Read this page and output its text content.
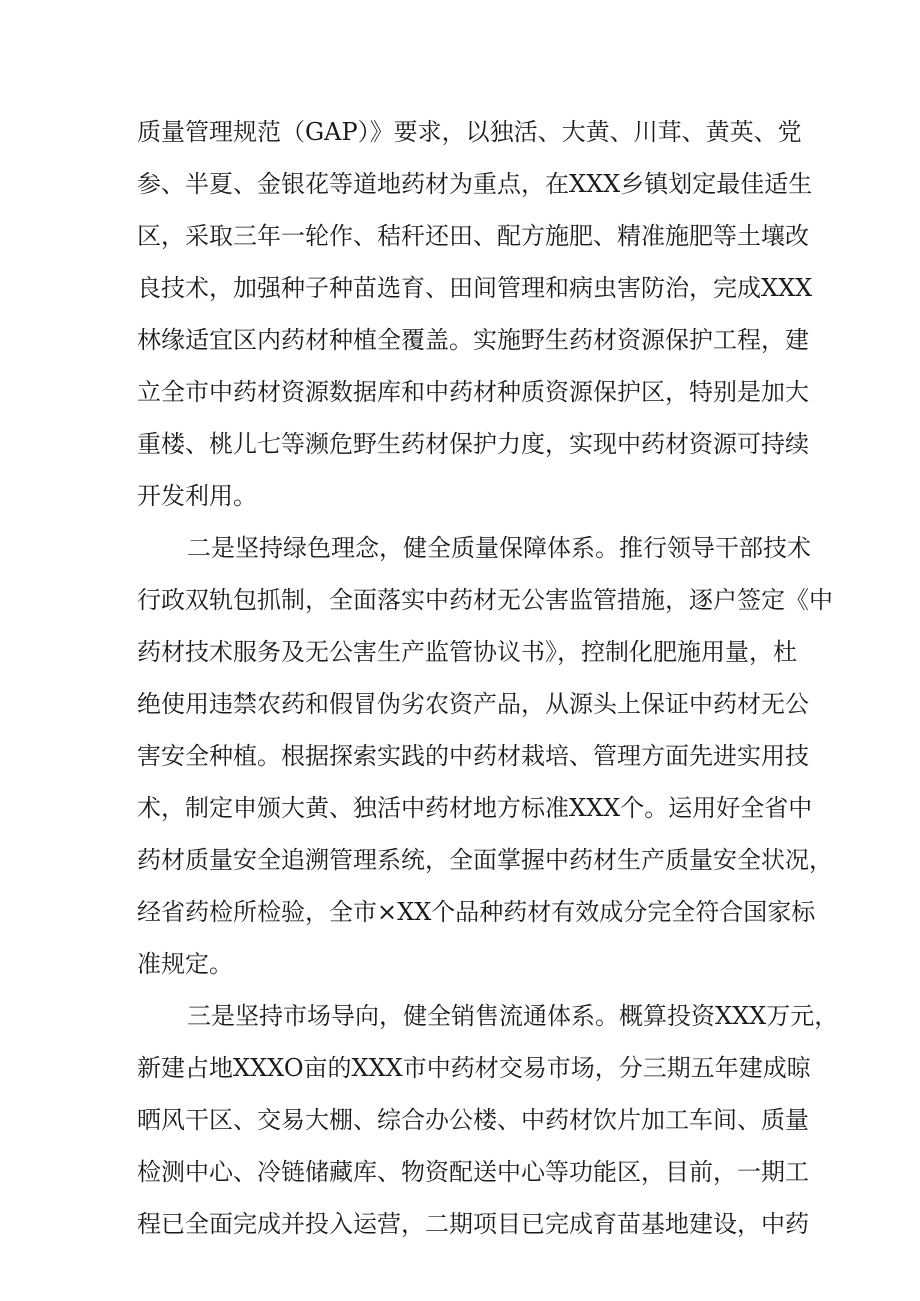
质量管理规范（GAP）》要求，以独活、大黄、川茸、黄英、党
参、半夏、金银花等道地药材为重点，在XXX乡镇划定最佳适生
区，采取三年一轮作、秸秆还田、配方施肥、精准施肥等土壤改
良技术，加强种子种苗选育、田间管理和病虫害防治，完成XXX
林缘适宜区内药材种植全覆盖。实施野生药材资源保护工程，建
立全市中药材资源数据库和中药材种质资源保护区，特别是加大
重楼、桃儿七等濒危野生药材保护力度，实现中药材资源可持续
开发利用。
二是坚持绿色理念，健全质量保障体系。推行领导干部技术
行政双轨包抓制，全面落实中药材无公害监管措施，逐户签定《中
药材技术服务及无公害生产监管协议书》，控制化肥施用量，杜
绝使用违禁农药和假冒伪劣农资产品，从源头上保证中药材无公
害安全种植。根据探索实践的中药材栽培、管理方面先进实用技
术，制定申颁大黄、独活中药材地方标准XXX个。运用好全省中
药材质量安全追溯管理系统，全面掌握中药材生产质量安全状况，
经省药检所检验，全市×XX个品种药材有效成分完全符合国家标
准规定。
三是坚持市场导向，健全销售流通体系。概算投资XXX万元，
新建占地XXXO亩的XXX市中药材交易市场，分三期五年建成晾
晒风干区、交易大棚、综合办公楼、中药材饮片加工车间、质量
检测中心、冷链储藏库、物资配送中心等功能区，目前，一期工
程已全面完成并投入运营，二期项目已完成育苗基地建设，中药
